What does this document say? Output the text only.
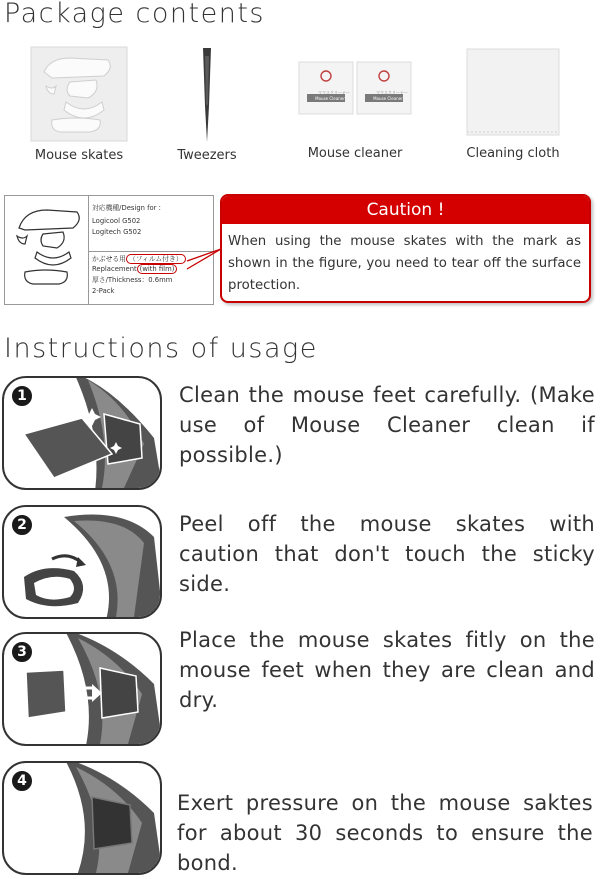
Package contents
Mouse skates	Tweezers
マウスクリーナー	マウスクリーナー
Mouse Cleaner	Mouse Cleaner
Mouse cleaner	Cleaning cloth
対応機種/Design for :
Logicool G502
Logitech G502
かぶせる用 （フィルム付き）
Replacement (with film)
厚さ/Thickness：0.6mm
2-Pack
Caution !
When using the mouse skates with the mark as shown in the figure, you need to tear off the surface protection.
Instructions of usage
1	Clean the mouse feet carefully. (Make use of Mouse Cleaner clean if possible.)
2	Peel off the mouse skates with caution that don't touch the sticky side.
3	Place the mouse skates fitly on the mouse feet when they are clean and dry.
4
Exert pressure on the mouse saktes for about 30 seconds to ensure the bond.
